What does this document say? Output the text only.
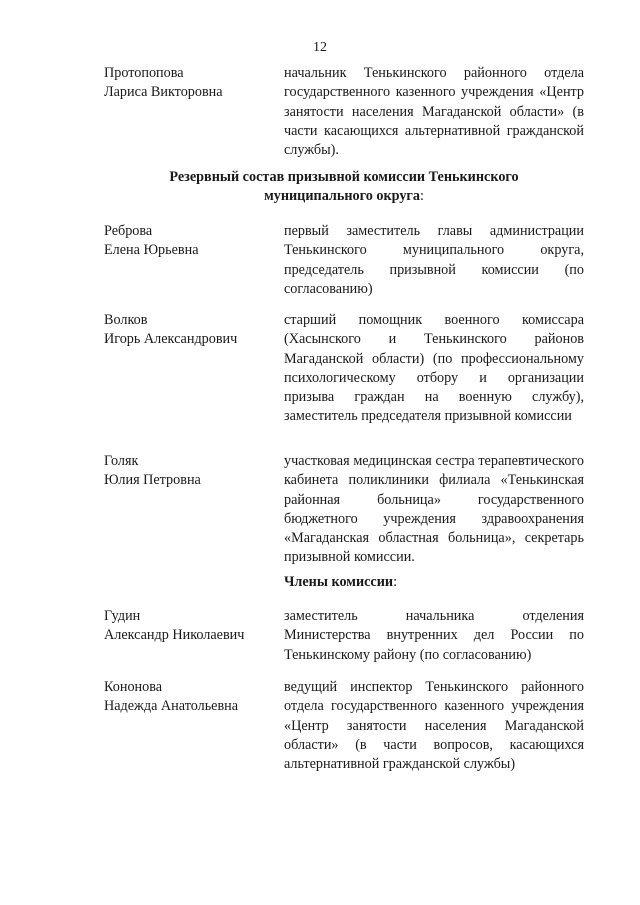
12
Протопопова
Лариса Викторовна
начальник Тенькинского районного отдела государственного казенного учреждения «Центр занятости населения Магаданской области» (в части касающихся альтернативной гражданской службы).
Резервный состав призывной комиссии Тенькинского
муниципального округа:
Реброва
Елена Юрьевна
первый заместитель главы администрации Тенькинского муниципального округа, председатель призывной комиссии (по согласованию)
Волков
Игорь Александрович
старший помощник военного комиссара (Хасынского и Тенькинского районов Магаданской области) (по профессиональному психологическому отбору и организации призыва граждан на военную службу), заместитель председателя призывной комиссии
Голяк
Юлия Петровна
участковая медицинская сестра терапевтического кабинета поликлиники филиала «Тенькинская районная больница» государственного бюджетного учреждения здравоохранения «Магаданская областная больница», секретарь призывной комиссии.
Члены комиссии:
Гудин
Александр Николаевич
заместитель начальника отделения Министерства внутренних дел России по Тенькинскому району (по согласованию)
Кононова
Надежда Анатольевна
ведущий инспектор Тенькинского районного отдела государственного казенного учреждения «Центр занятости населения Магаданской области» (в части вопросов, касающихся альтернативной гражданской службы)
